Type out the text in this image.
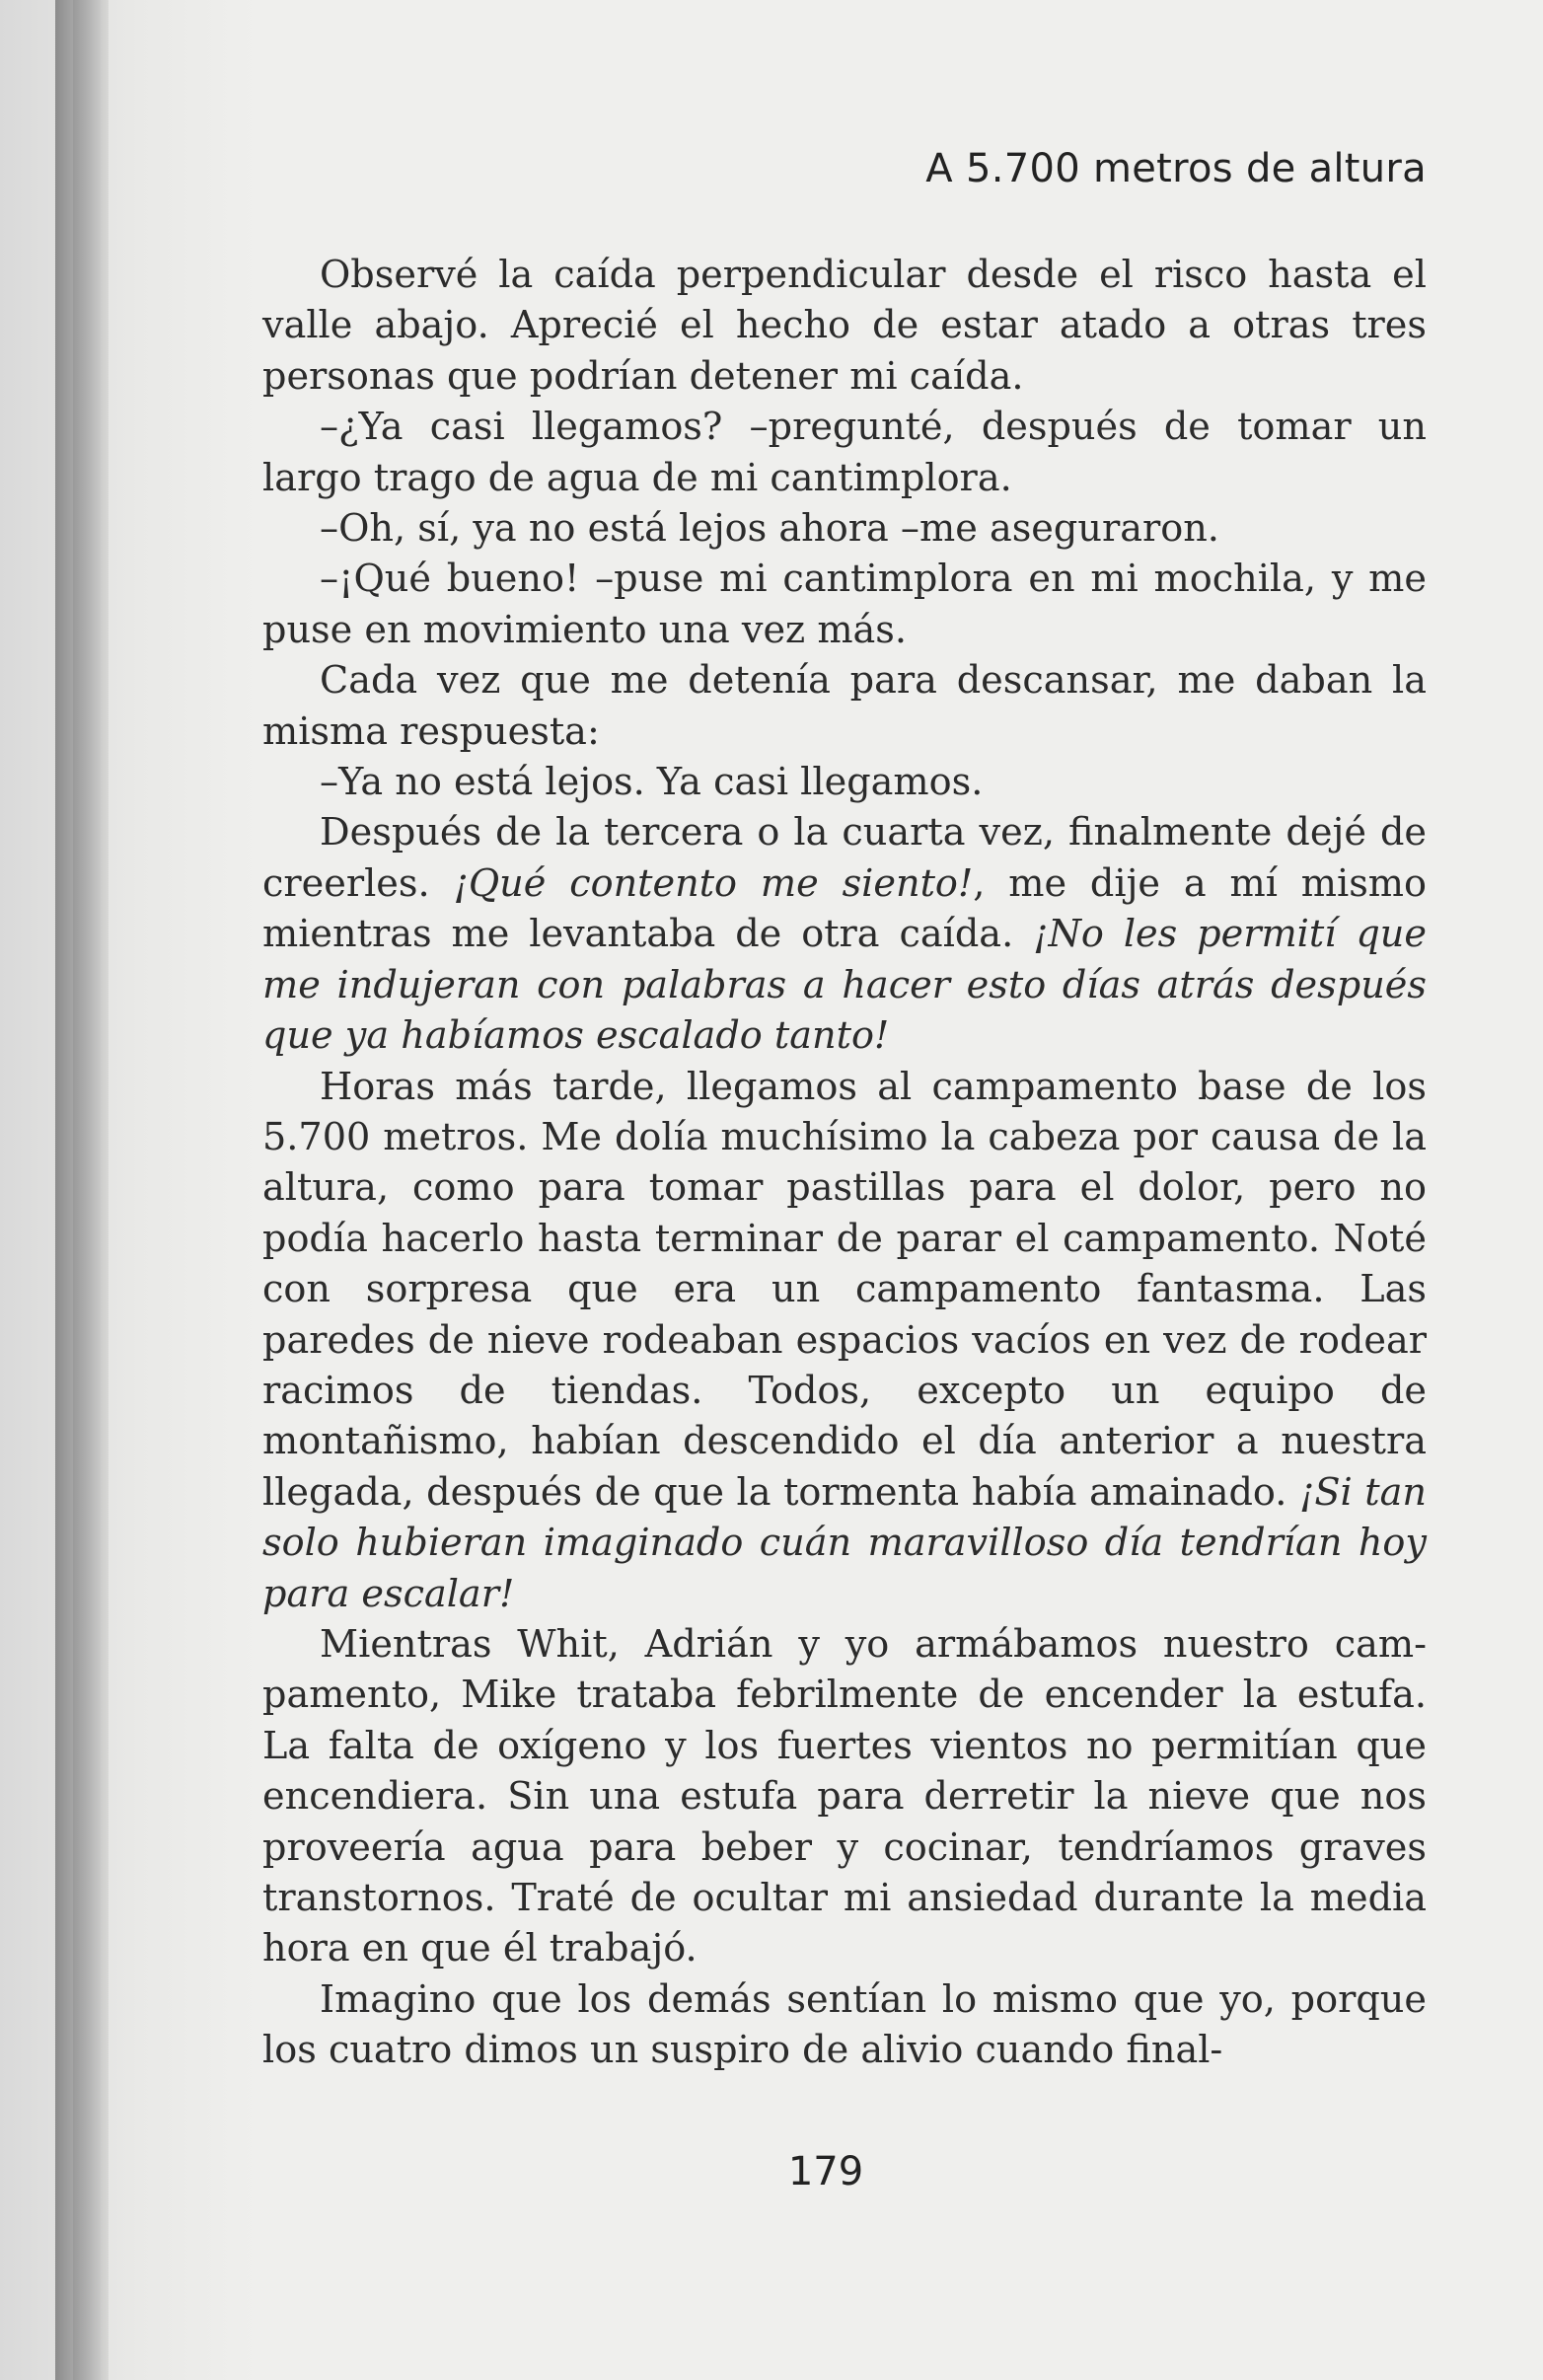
A 5.700 metros de altura

Observé la caída perpendicular desde el risco hasta el valle abajo. Aprecié el hecho de estar atado a otras tres personas que podrían detener mi caída.

–¿Ya casi llegamos? –pregunté, después de tomar un largo trago de agua de mi cantimplora.

–Oh, sí, ya no está lejos ahora –me aseguraron.

–¡Qué bueno! –puse mi cantimplora en mi mochila, y me puse en movimiento una vez más.

Cada vez que me detenía para descansar, me daban la misma respuesta:

–Ya no está lejos. Ya casi llegamos.

Después de la tercera o la cuarta vez, finalmente dejé de creerles. ¡Qué contento me siento!, me dije a mí mismo mientras me levantaba de otra caída. ¡No les permití que me indujeran con palabras a hacer esto días atrás después que ya habíamos escalado tanto!

Horas más tarde, llegamos al campamento base de los 5.700 metros. Me dolía muchísimo la cabeza por causa de la altura, como para tomar pastillas para el dolor, pero no podía hacerlo hasta terminar de parar el campamento. Noté con sorpresa que era un campamento fantasma. Las paredes de nieve rodeaban espacios vacíos en vez de rodear racimos de tiendas. Todos, excepto un equipo de montañismo, habían descendido el día anterior a nuestra llegada, después de que la tormenta había amainado. ¡Si tan solo hubieran imaginado cuán maravilloso día tendrían hoy para escalar!

Mientras Whit, Adrián y yo armábamos nuestro campamento, Mike trataba febrilmente de encender la estufa. La falta de oxígeno y los fuertes vientos no permitían que encendiera. Sin una estufa para derretir la nieve que nos proveería agua para beber y cocinar, tendríamos graves transtornos. Traté de ocultar mi ansiedad durante la media hora en que él trabajó.

Imagino que los demás sentían lo mismo que yo, porque los cuatro dimos un suspiro de alivio cuando final-

179
